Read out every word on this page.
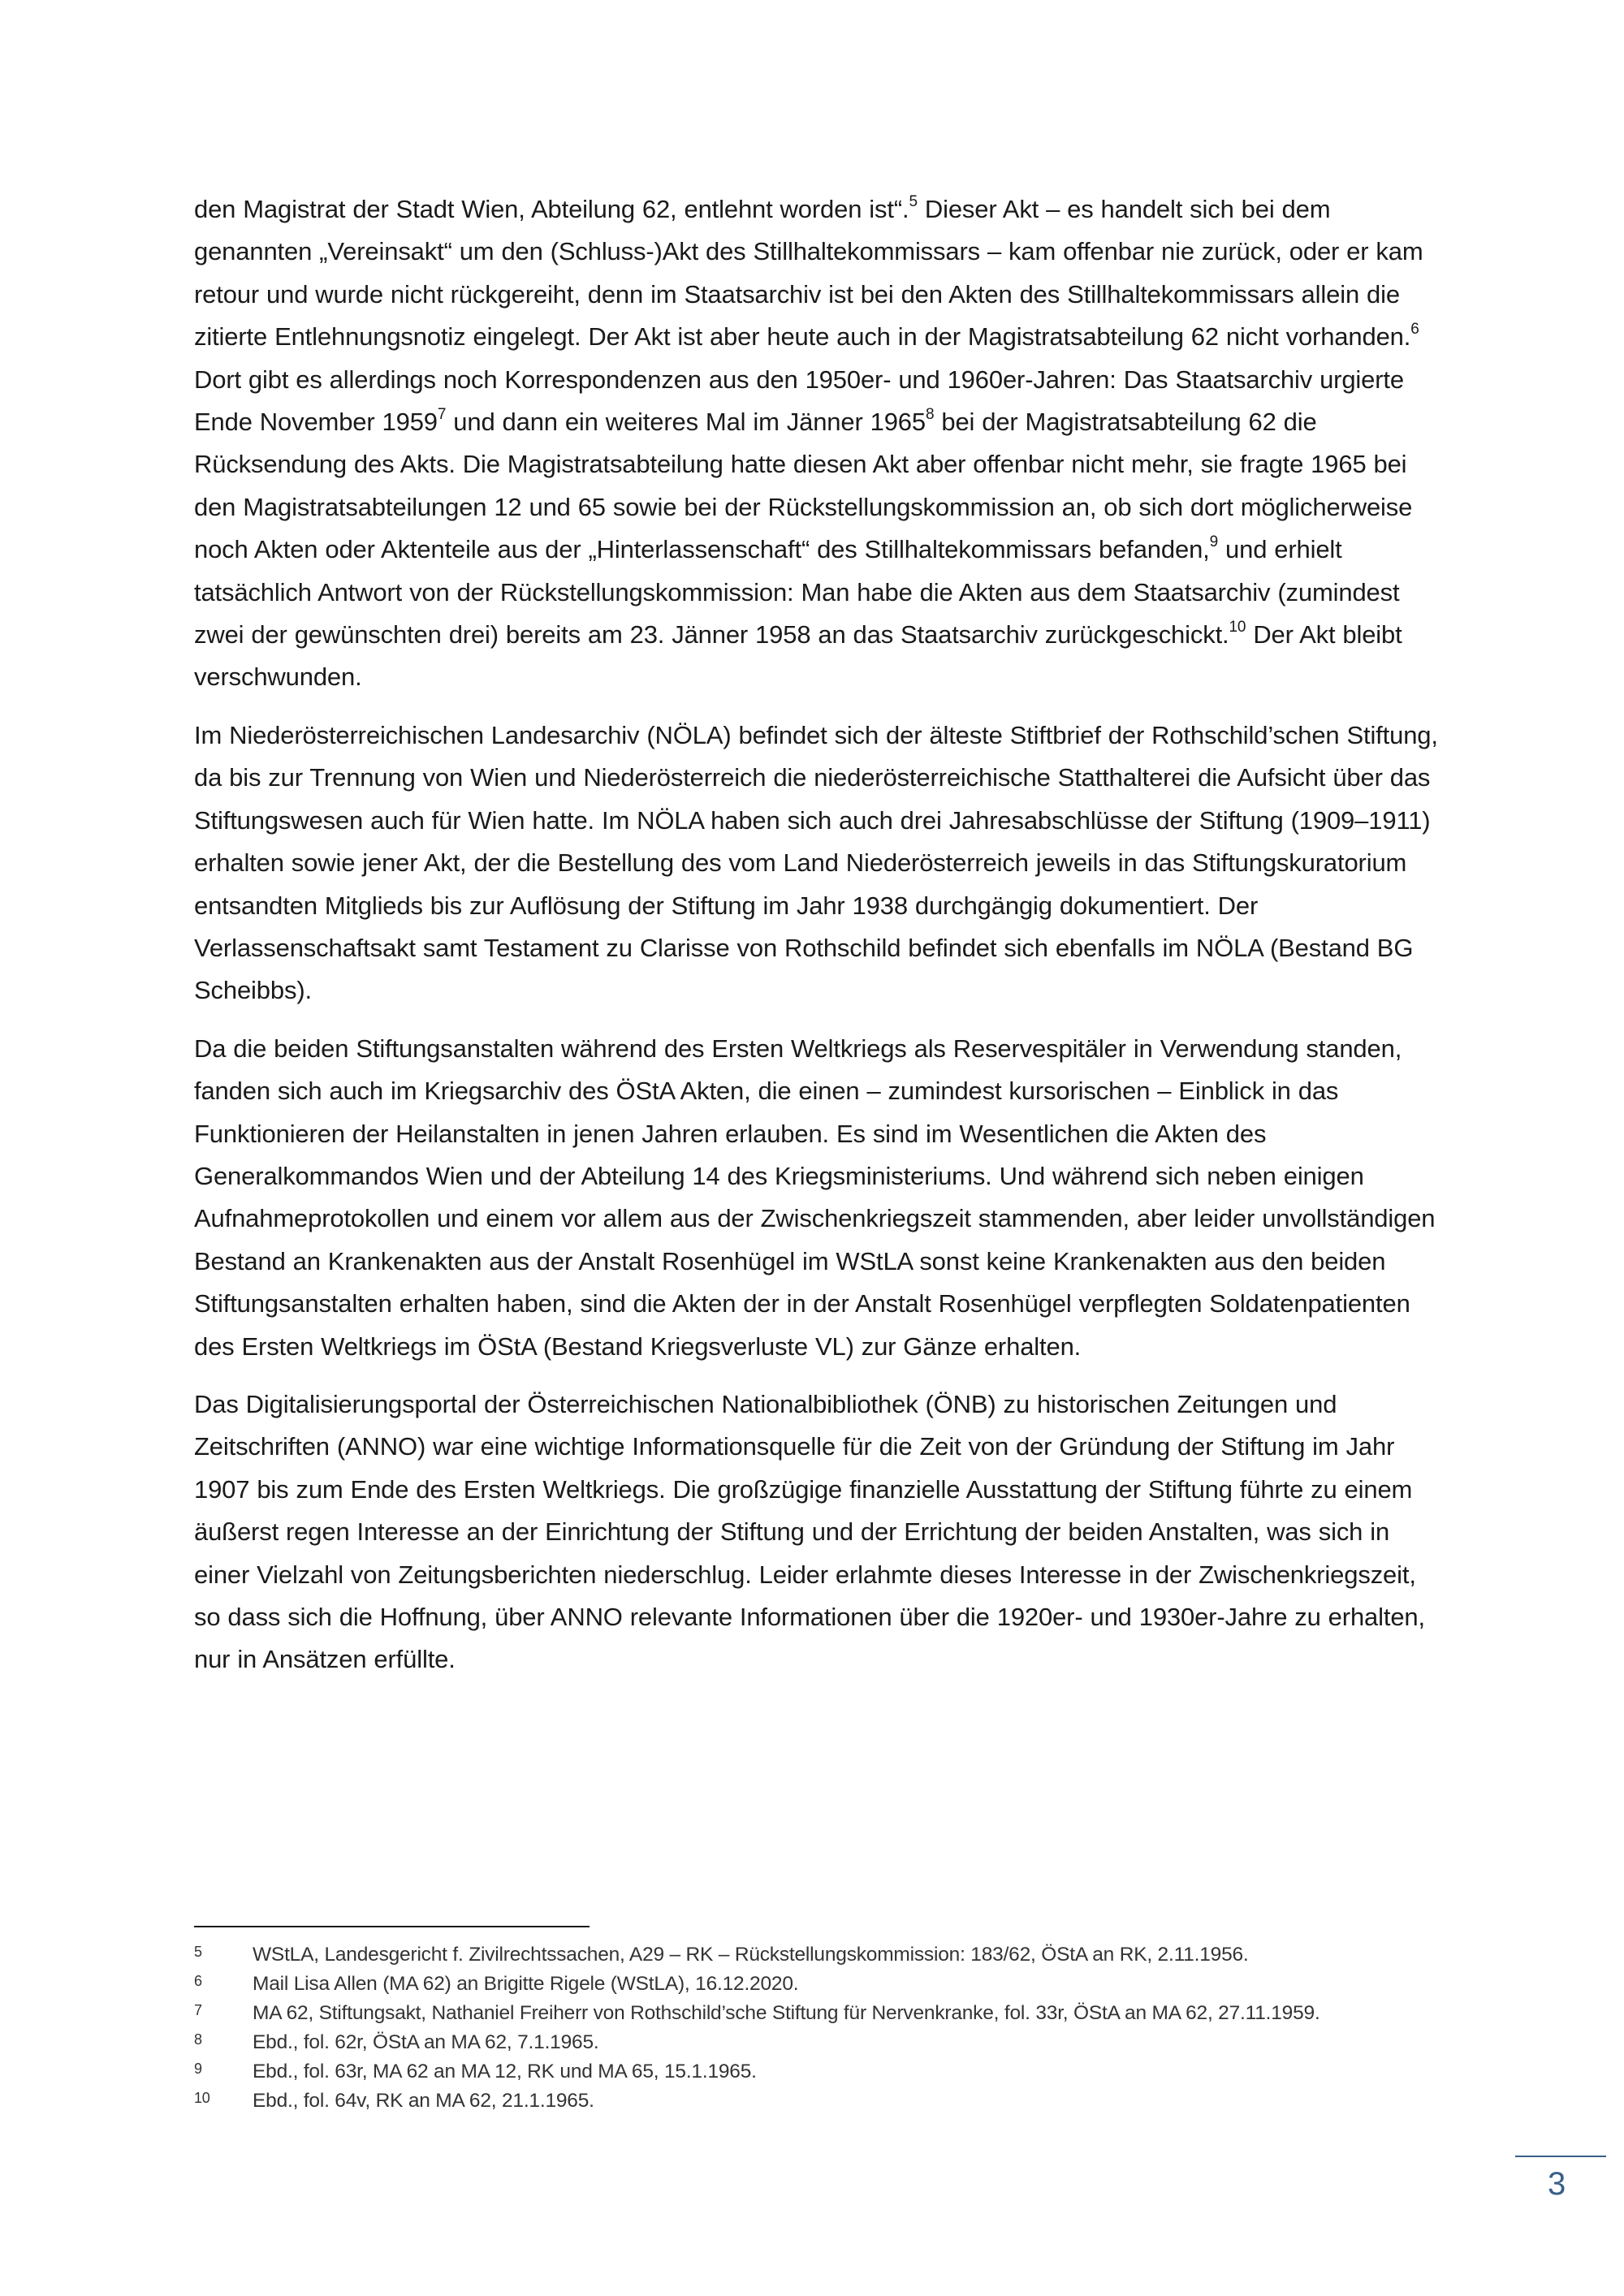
den Magistrat der Stadt Wien, Abteilung 62, entlehnt worden ist“.$^5$ Dieser Akt – es handelt sich bei dem genannten „Vereinsakt“ um den (Schluss-)Akt des Stillhaltekommissars – kam offenbar nie zurück, oder er kam retour und wurde nicht rückgereiht, denn im Staatsarchiv ist bei den Akten des Stillhaltekommissars allein die zitierte Entlehnungsnotiz eingelegt. Der Akt ist aber heute auch in der Magistratsabteilung 62 nicht vorhanden.$^6$ Dort gibt es allerdings noch Korrespondenzen aus den 1950er- und 1960er-Jahren: Das Staatsarchiv urgierte Ende November 1959$^7$ und dann ein weiteres Mal im Jänner 1965$^8$ bei der Magistratsabteilung 62 die Rücksendung des Akts. Die Magistratsabteilung hatte diesen Akt aber offenbar nicht mehr, sie fragte 1965 bei den Magistratsabteilungen 12 und 65 sowie bei der Rückstellungskommission an, ob sich dort möglicherweise noch Akten oder Aktenteile aus der „Hinterlassenschaft“ des Stillhaltekommissars befanden,$^9$ und erhielt tatsächlich Antwort von der Rückstellungskommission: Man habe die Akten aus dem Staatsarchiv (zumindest zwei der gewünschten drei) bereits am 23. Jänner 1958 an das Staatsarchiv zurückgeschickt.$^{10}$ Der Akt bleibt verschwunden.

Im Niederösterreichischen Landesarchiv (NÖLA) befindet sich der älteste Stiftbrief der Rothschild’schen Stiftung, da bis zur Trennung von Wien und Niederösterreich die niederösterreichische Statthalterei die Aufsicht über das Stiftungswesen auch für Wien hatte. Im NÖLA haben sich auch drei Jahresabschlüsse der Stiftung (1909–1911) erhalten sowie jener Akt, der die Bestellung des vom Land Niederösterreich jeweils in das Stiftungskuratorium entsandten Mitglieds bis zur Auflösung der Stiftung im Jahr 1938 durchgängig dokumentiert. Der Verlassenschaftsakt samt Testament zu Clarisse von Rothschild befindet sich ebenfalls im NÖLA (Bestand BG Scheibbs).

Da die beiden Stiftungsanstalten während des Ersten Weltkriegs als Reservespitäler in Verwendung standen, fanden sich auch im Kriegsarchiv des ÖStA Akten, die einen – zumindest kursorischen – Einblick in das Funktionieren der Heilanstalten in jenen Jahren erlauben. Es sind im Wesentlichen die Akten des Generalkommandos Wien und der Abteilung 14 des Kriegsministeriums. Und während sich neben einigen Aufnahmeprotokollen und einem vor allem aus der Zwischenkriegszeit stammenden, aber leider unvollständigen Bestand an Krankenakten aus der Anstalt Rosenhügel im WStLA sonst keine Krankenakten aus den beiden Stiftungsanstalten erhalten haben, sind die Akten der in der Anstalt Rosenhügel verpflegten Soldatenpatienten des Ersten Weltkriegs im ÖStA (Bestand Kriegsverluste VL) zur Gänze erhalten.

Das Digitalisierungsportal der Österreichischen Nationalbibliothek (ÖNB) zu historischen Zeitungen und Zeitschriften (ANNO) war eine wichtige Informationsquelle für die Zeit von der Gründung der Stiftung im Jahr 1907 bis zum Ende des Ersten Weltkriegs. Die großzügige finanzielle Ausstattung der Stiftung führte zu einem äußerst regen Interesse an der Einrichtung der Stiftung und der Errichtung der beiden Anstalten, was sich in einer Vielzahl von Zeitungsberichten niederschlug. Leider erlahmte dieses Interesse in der Zwischenkriegszeit, so dass sich die Hoffnung, über ANNO relevante Informationen über die 1920er- und 1930er-Jahre zu erhalten, nur in Ansätzen erfüllte.

5	WStLA, Landesgericht f. Zivilrechtssachen, A29 – RK – Rückstellungskommission: 183/62, ÖStA an RK, 2.11.1956.
6	Mail Lisa Allen (MA 62) an Brigitte Rigele (WStLA), 16.12.2020.
7	MA 62, Stiftungsakt, Nathaniel Freiherr von Rothschild’sche Stiftung für Nervenkranke, fol. 33r, ÖStA an MA 62, 27.11.1959.
8	Ebd., fol. 62r, ÖStA an MA 62, 7.1.1965.
9	Ebd., fol. 63r, MA 62 an MA 12, RK und MA 65, 15.1.1965.
10 Ebd., fol. 64v, RK an MA 62, 21.1.1965.
3
